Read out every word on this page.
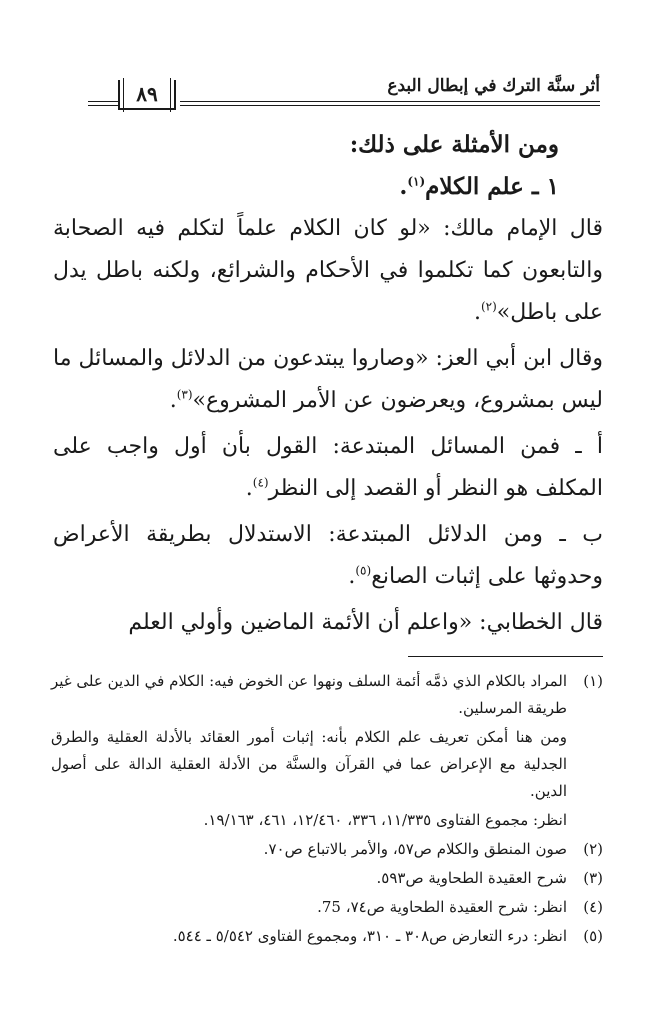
أثر سنَّة الترك في إبطال البدع
٨٩

ومن الأمثلة على ذلك:

١ ـ علم الكلام$^{(١)}$.

قال الإمام مالك: «لو كان الكلام علماً لتكلم فيه الصحابة والتابعون كما تكلموا في الأحكام والشرائع، ولكنه باطل يدل على باطل»$^{(٢)}$.

وقال ابن أبي العز: «وصاروا يبتدعون من الدلائل والمسائل ما ليس بمشروع، ويعرضون عن الأمر المشروع»$^{(٣)}$.

أ ـ فمن المسائل المبتدعة: القول بأن أول واجب على المكلف هو النظر أو القصد إلى النظر$^{(٤)}$.

ب ـ ومن الدلائل المبتدعة: الاستدلال بطريقة الأعراض وحدوثها على إثبات الصانع$^{(٥)}$.

قال الخطابي: «واعلم أن الأئمة الماضين وأولي العلم

(١)
المراد بالكلام الذي ذمَّه أئمة السلف ونهوا عن الخوض فيه: الكلام في الدين على غير طريقة المرسلين.
ومن هنا أمكن تعريف علم الكلام بأنه: إثبات أمور العقائد بالأدلة العقلية والطرق الجدلية مع الإعراض عما في القرآن والسنَّة من الأدلة العقلية الدالة على أصول الدين.
انظر: مجموع الفتاوى ١١/٣٣٥، ٣٣٦، ١٢/٤٦٠، ٤٦١، ١٩/١٦٣.
(٢)
صون المنطق والكلام ص٥٧، والأمر بالاتباع ص٧٠.
(٣)
شرح العقيدة الطحاوية ص٥٩٣.
(٤)
انظر: شرح العقيدة الطحاوية ص٧٤، 75.
(٥)
انظر: درء التعارض ص٣٠٨ ـ ٣١٠، ومجموع الفتاوى ٥/٥٤٢ ـ ٥٤٤.
